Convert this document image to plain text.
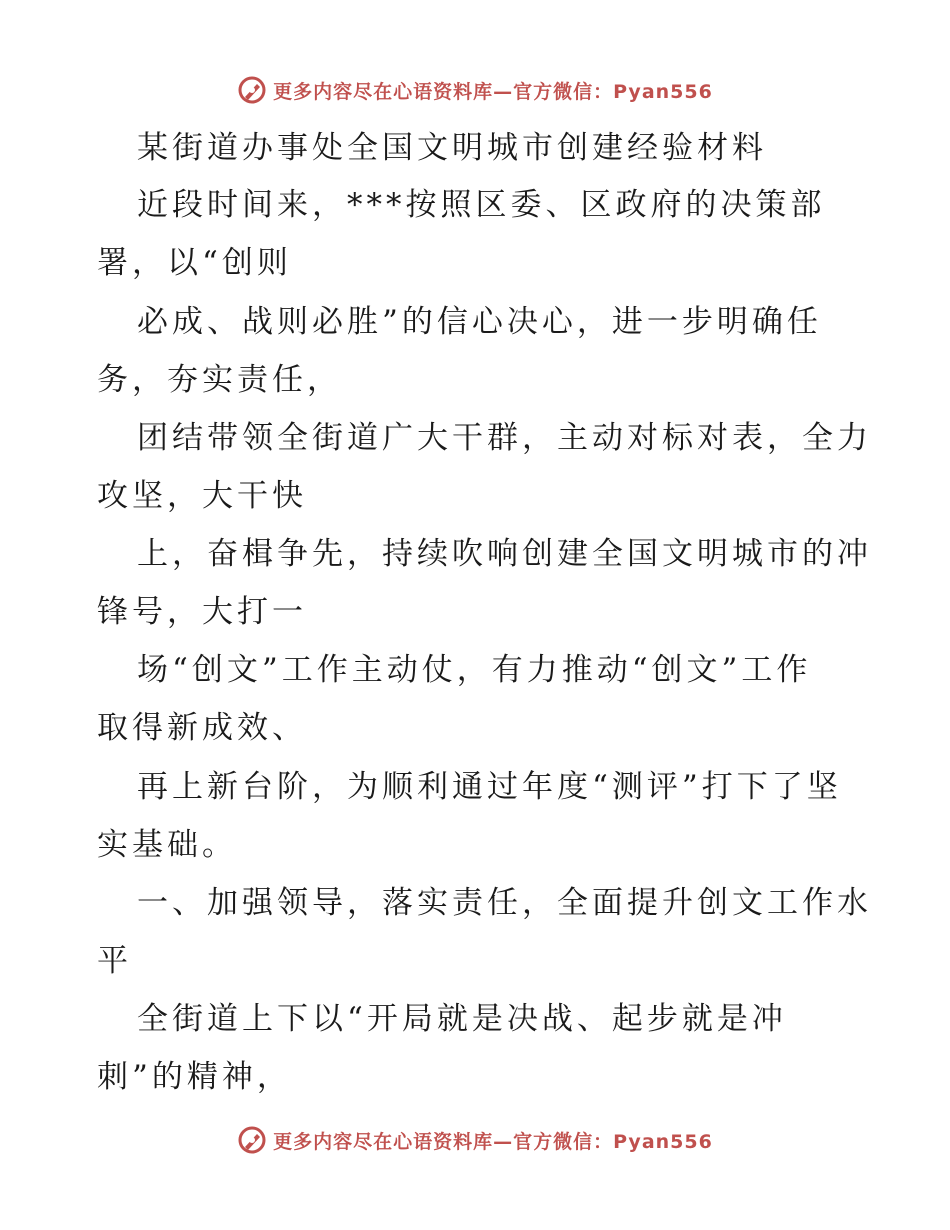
更多内容尽在心语资料库—官方微信：Pyan556
某街道办事处全国文明城市创建经验材料
近段时间来，***按照区委、区政府的决策部
署，以“创则
必成、战则必胜”的信心决心，进一步明确任
务，夯实责任，
团结带领全街道广大干群，主动对标对表，全力
攻坚，大干快
上，奋楫争先，持续吹响创建全国文明城市的冲
锋号，大打一
场“创文”工作主动仗，有力推动“创文”工作
取得新成效、
再上新台阶，为顺利通过年度“测评”打下了坚
实基础。
一、加强领导，落实责任，全面提升创文工作水
平
全街道上下以“开局就是决战、起步就是冲
刺”的精神，
更多内容尽在心语资料库—官方微信：Pyan556
